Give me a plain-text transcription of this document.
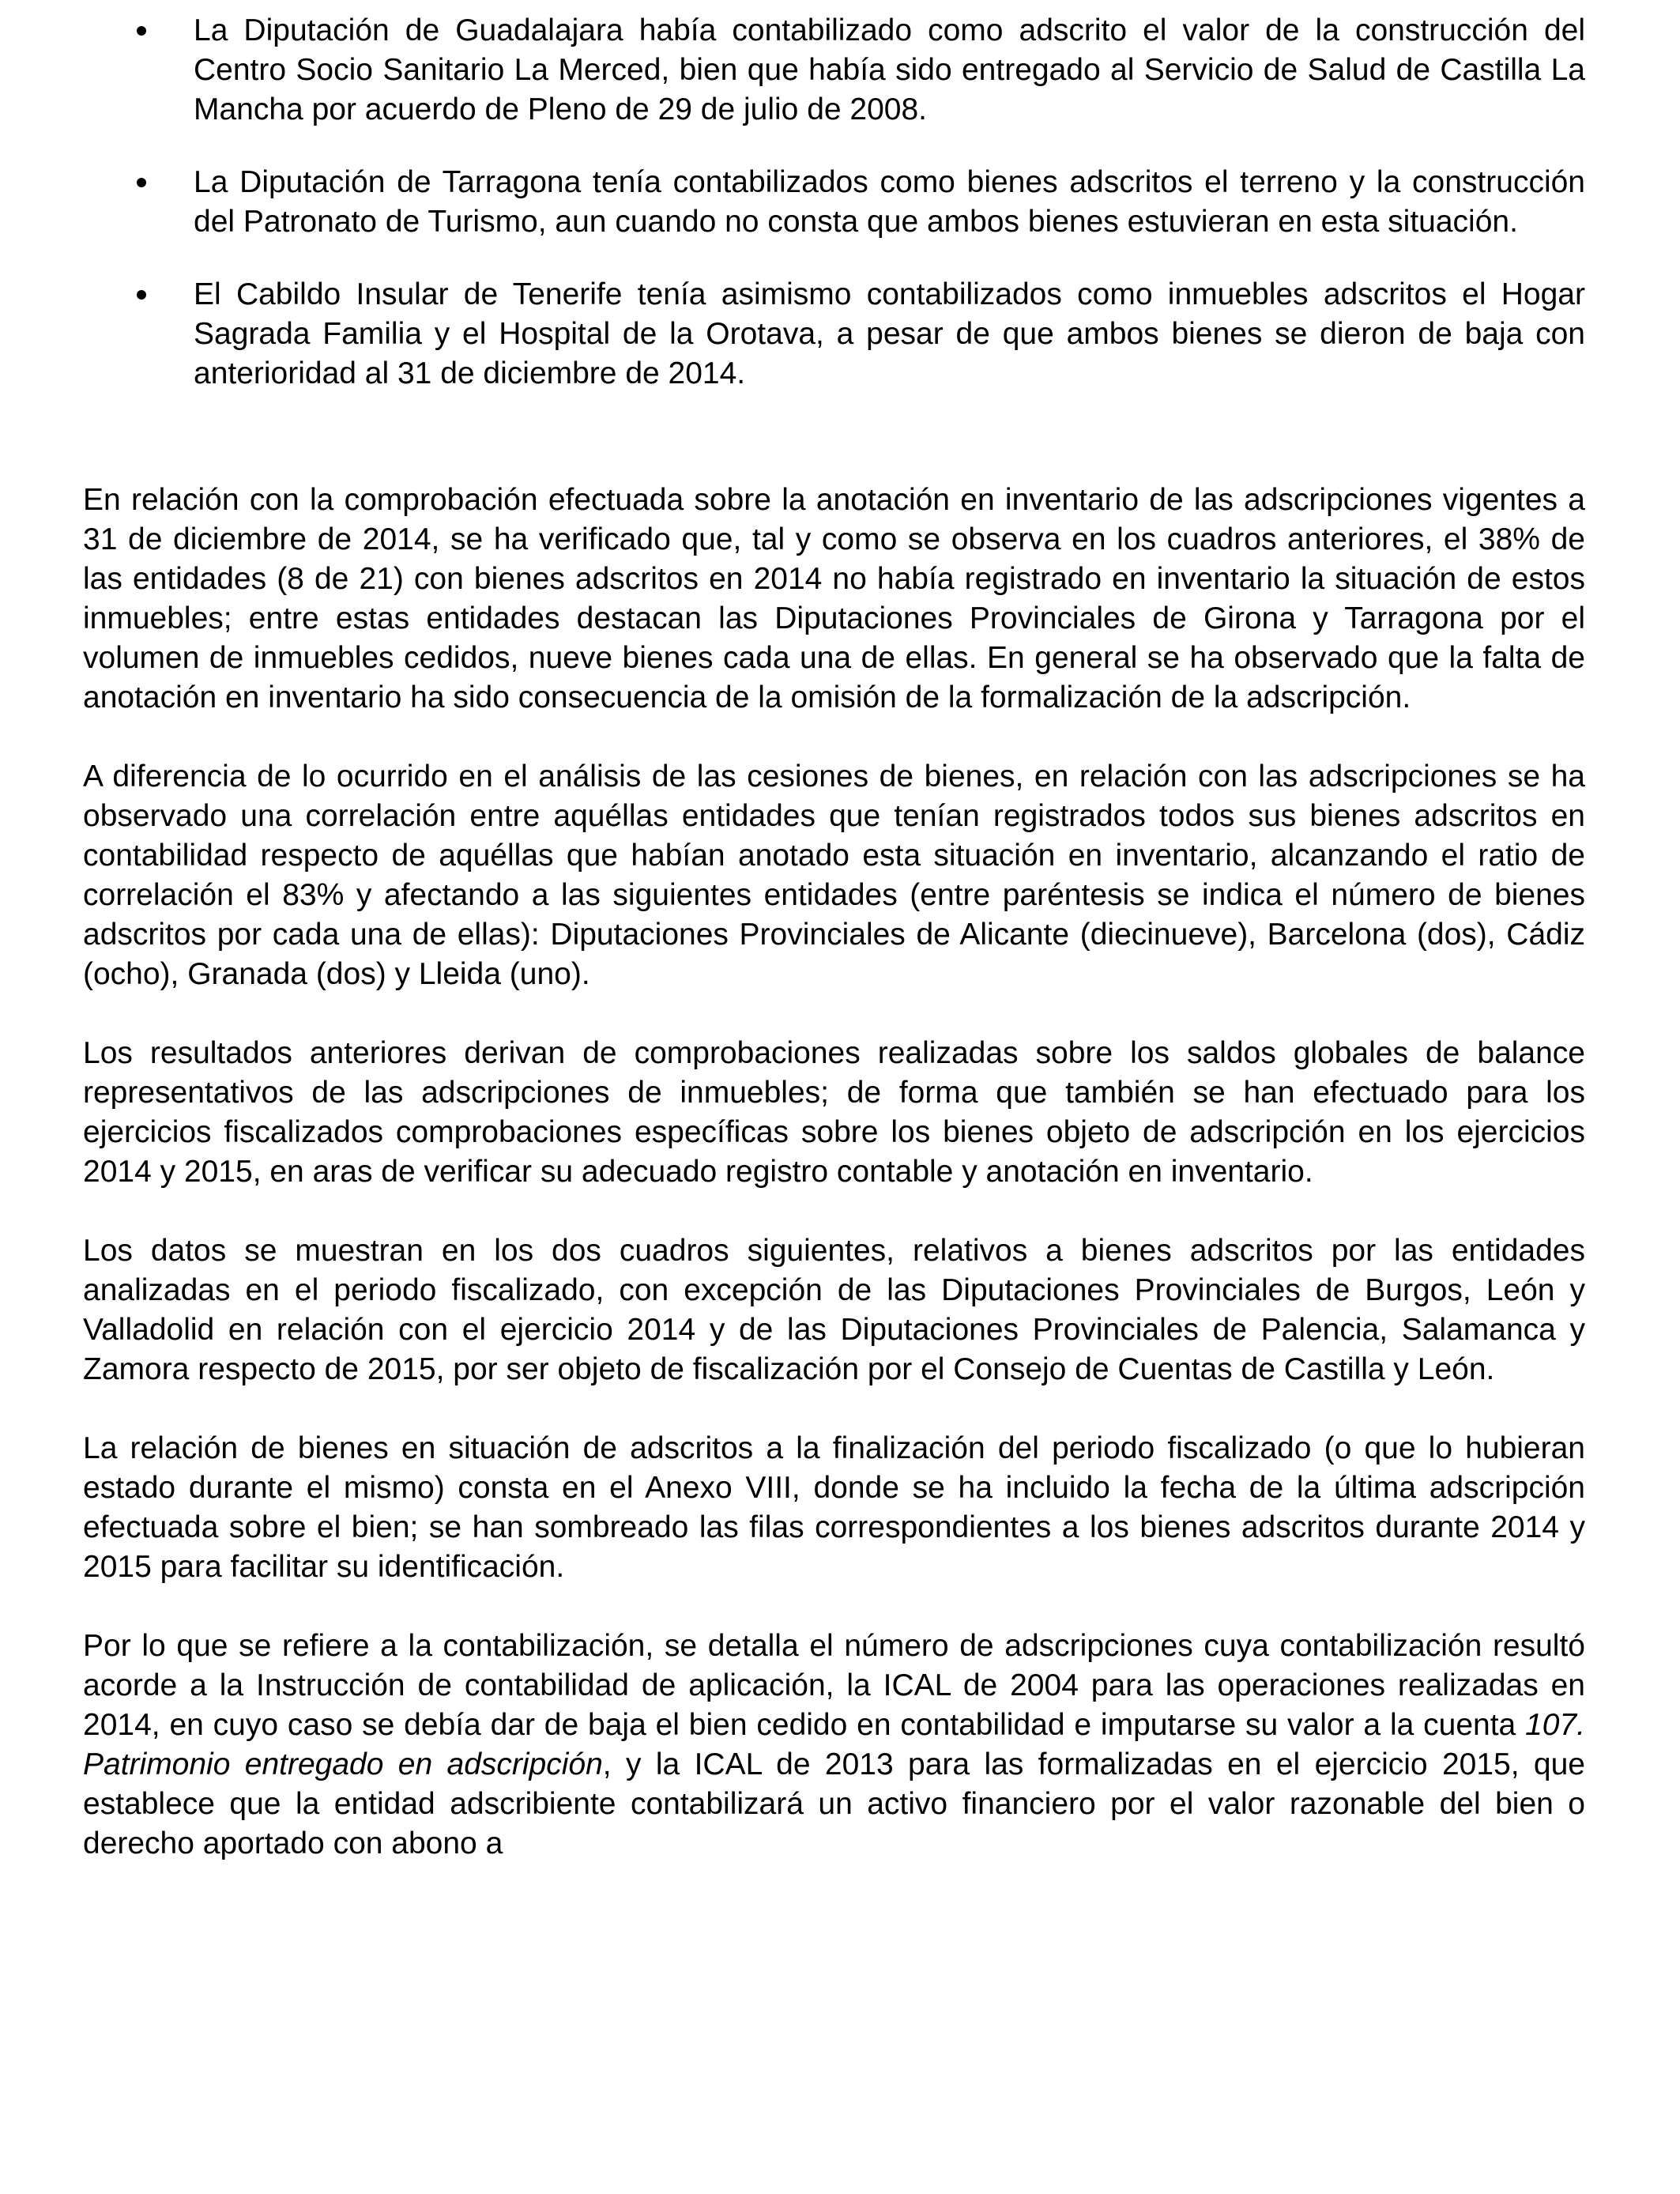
La Diputación de Guadalajara había contabilizado como adscrito el valor de la construcción del Centro Socio Sanitario La Merced, bien que había sido entregado al Servicio de Salud de Castilla La Mancha por acuerdo de Pleno de 29 de julio de 2008.
La Diputación de Tarragona tenía contabilizados como bienes adscritos el terreno y la construcción del Patronato de Turismo, aun cuando no consta que ambos bienes estuvieran en esta situación.
El Cabildo Insular de Tenerife tenía asimismo contabilizados como inmuebles adscritos el Hogar Sagrada Familia y el Hospital de la Orotava, a pesar de que ambos bienes se dieron de baja con anterioridad al 31 de diciembre de 2014.

En relación con la comprobación efectuada sobre la anotación en inventario de las adscripciones vigentes a 31 de diciembre de 2014, se ha verificado que, tal y como se observa en los cuadros anteriores, el 38% de las entidades (8 de 21) con bienes adscritos en 2014 no había registrado en inventario la situación de estos inmuebles; entre estas entidades destacan las Diputaciones Provinciales de Girona y Tarragona por el volumen de inmuebles cedidos, nueve bienes cada una de ellas. En general se ha observado que la falta de anotación en inventario ha sido consecuencia de la omisión de la formalización de la adscripción.

A diferencia de lo ocurrido en el análisis de las cesiones de bienes, en relación con las adscripciones se ha observado una correlación entre aquéllas entidades que tenían registrados todos sus bienes adscritos en contabilidad respecto de aquéllas que habían anotado esta situación en inventario, alcanzando el ratio de correlación el 83% y afectando a las siguientes entidades (entre paréntesis se indica el número de bienes adscritos por cada una de ellas): Diputaciones Provinciales de Alicante (diecinueve), Barcelona (dos), Cádiz (ocho), Granada (dos) y Lleida (uno).

Los resultados anteriores derivan de comprobaciones realizadas sobre los saldos globales de balance representativos de las adscripciones de inmuebles; de forma que también se han efectuado para los ejercicios fiscalizados comprobaciones específicas sobre los bienes objeto de adscripción en los ejercicios 2014 y 2015, en aras de verificar su adecuado registro contable y anotación en inventario.

Los datos se muestran en los dos cuadros siguientes, relativos a bienes adscritos por las entidades analizadas en el periodo fiscalizado, con excepción de las Diputaciones Provinciales de Burgos, León y Valladolid en relación con el ejercicio 2014 y de las Diputaciones Provinciales de Palencia, Salamanca y Zamora respecto de 2015, por ser objeto de fiscalización por el Consejo de Cuentas de Castilla y León.

La relación de bienes en situación de adscritos a la finalización del periodo fiscalizado (o que lo hubieran estado durante el mismo) consta en el Anexo VIII, donde se ha incluido la fecha de la última adscripción efectuada sobre el bien; se han sombreado las filas correspondientes a los bienes adscritos durante 2014 y 2015 para facilitar su identificación.

Por lo que se refiere a la contabilización, se detalla el número de adscripciones cuya contabilización resultó acorde a la Instrucción de contabilidad de aplicación, la ICAL de 2004 para las operaciones realizadas en 2014, en cuyo caso se debía dar de baja el bien cedido en contabilidad e imputarse su valor a la cuenta 107. Patrimonio entregado en adscripción, y la ICAL de 2013 para las formalizadas en el ejercicio 2015, que establece que la entidad adscribiente contabilizará un activo financiero por el valor razonable del bien o derecho aportado con abono a
